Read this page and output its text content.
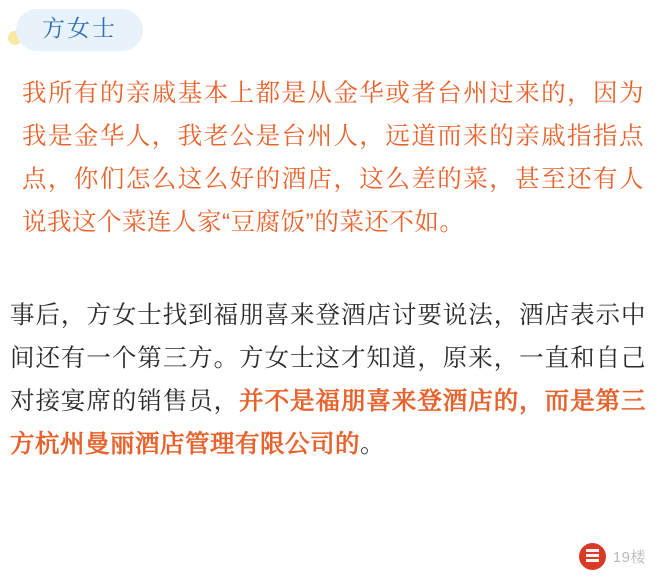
方女士

我所有的亲戚基本上都是从金华或者台州过来的，因为我是金华人，我老公是台州人，远道而来的亲戚指指点点，你们怎么这么好的酒店，这么差的菜，甚至还有人说我这个菜连人家“豆腐饭”的菜还不如。

事后，方女士找到福朋喜来登酒店讨要说法，酒店表示中间还有一个第三方。方女士这才知道，原来，一直和自己对接宴席的销售员，并不是福朋喜来登酒店的，而是第三方杭州曼丽酒店管理有限公司的。

19楼
